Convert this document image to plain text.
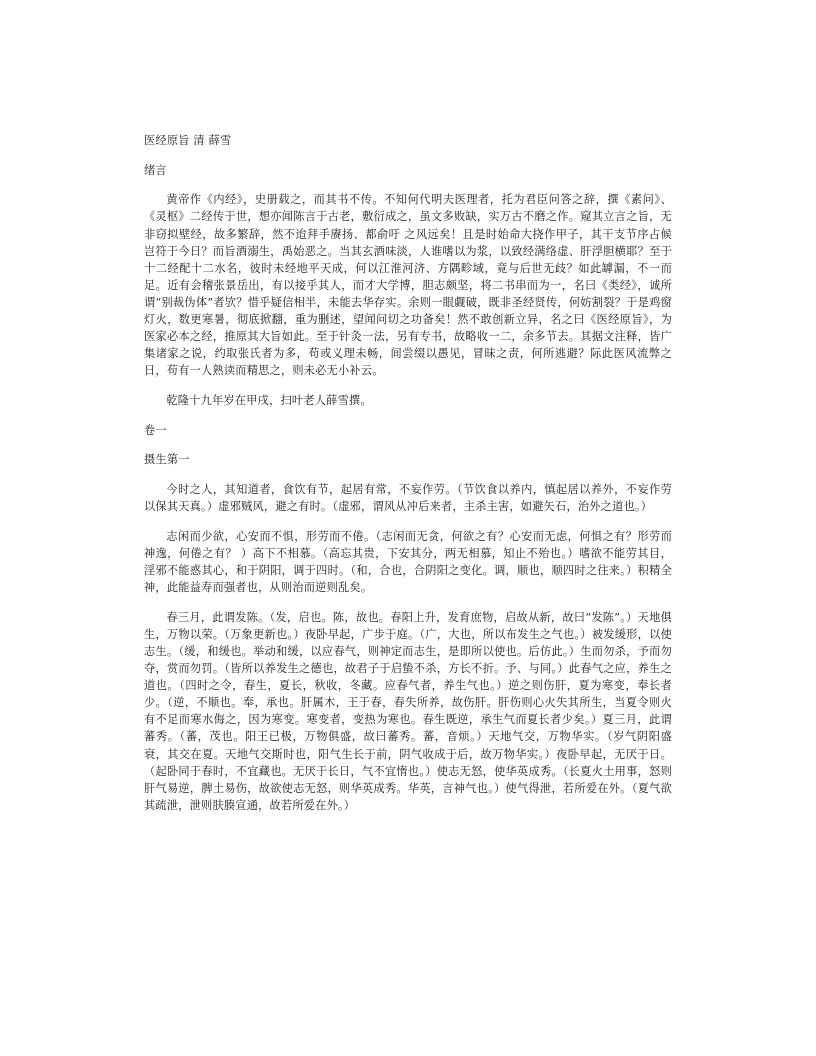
医经原旨 清 薛雪

绪言

黄帝作《内经》，史册载之，而其书不传。不知何代明夫医理者，托为君臣问答之辞，撰《素问》、《灵枢》二经传于世，想亦闻陈言于古老，敷衍成之，虽文多败缺，实万古不磨之作。窥其立言之旨，无非窃拟壁经，故多繁辞，然不迨拜手赓扬、都俞吁 之风远矣！且是时始命大挠作甲子，其干支节序占候岂符于今日？而旨酒溺生，禹始恶之。当其玄酒味淡，人谁嗜以为浆，以致经满络虚、肝浮胆横耶？至于十二经配十二水名，彼时未经地平天成，何以江淮河济、方隅畛域，竟与后世无歧？如此罅漏，不一而足。近有会稽张景岳出，有以接乎其人，而才大学博，胆志颇坚，将二书串而为一，名曰《类经》，诚所谓“别裁伪体”者欤？惜乎疑信相半，未能去华存实。余则一眼觑破，既非圣经贤传，何妨割裂？于是鸡窗灯火，数更寒暑，彻底掀翻，重为删述，望闻问切之功备矣！然不敢创新立异，名之曰《医经原旨》，为医家必本之经，推原其大旨如此。至于针灸一法，另有专书，故略收一二，余多节去。其据文注释，皆广集诸家之说，约取张氏者为多，苟或义理未畅，间尝缀以愚见，冒昧之责，何所逃避？际此医风流弊之日，苟有一人熟读而精思之，则未必无小补云。

乾隆十九年岁在甲戌，扫叶老人薛雪撰。

卷一

摄生第一

今时之人，其知道者，食饮有节，起居有常，不妄作劳。（节饮食以养内，慎起居以养外，不妄作劳以保其天真。）虚邪贼风，避之有时。（虚邪，谓风从冲后来者，主杀主害，如避矢石，治外之道也。）

志闲而少欲，心安而不惧，形劳而不倦。（志闲而无贪，何欲之有？心安而无虑，何惧之有？形劳而神逸，何倦之有？ ）高下不相慕。（高忘其贵，下安其分，两无相慕，知止不殆也。）嗜欲不能劳其目，淫邪不能惑其心，和于阴阳，调于四时。（和，合也，合阴阳之变化。调，顺也，顺四时之往来。）积精全神，此能益寿而强者也，从则治而逆则乱矣。

春三月，此谓发陈。（发，启也。陈，故也。春阳上升，发育庶物，启故从新，故曰“发陈”。）天地俱生，万物以荣。（万象更新也。）夜卧早起，广步于庭。（广，大也，所以布发生之气也。）被发缓形，以使志生。（缓，和缓也。举动和缓，以应春气，则神定而志生，是即所以使也。后仿此。）生而勿杀，予而勿夺，赏而勿罚。（皆所以养发生之德也，故君子于启蛰不杀，方长不折。予、与同。）此春气之应，养生之道也。（四时之令，春生，夏长，秋收，冬藏。应春气者，养生气也。）逆之则伤肝，夏为寒变，奉长者少。（逆，不顺也。奉，承也。肝属木，王于春，春失所养，故伤肝。肝伤则心火失其所生，当夏令则火有不足而寒水侮之，因为寒变。寒变者，变热为寒也。春生既逆，承生气而夏长者少矣。）夏三月，此谓蕃秀。（蕃，茂也。阳王已极，万物俱盛，故曰蕃秀。蕃，音烦。）天地气交，万物华实。（岁气阴阳盛衰，其交在夏。天地气交斯时也，阳气生长于前，阴气收成于后，故万物华实。）夜卧早起，无厌于日。（起卧同于春时，不宜藏也。无厌于长日，气不宜惰也。）使志无怒，使华英成秀。（长夏火土用事，怒则肝气易逆，脾土易伤，故欲使志无怒，则华英成秀。华英，言神气也。）使气得泄，若所爱在外。（夏气欲其疏泄，泄则肤腠宣通，故若所爱在外。）
